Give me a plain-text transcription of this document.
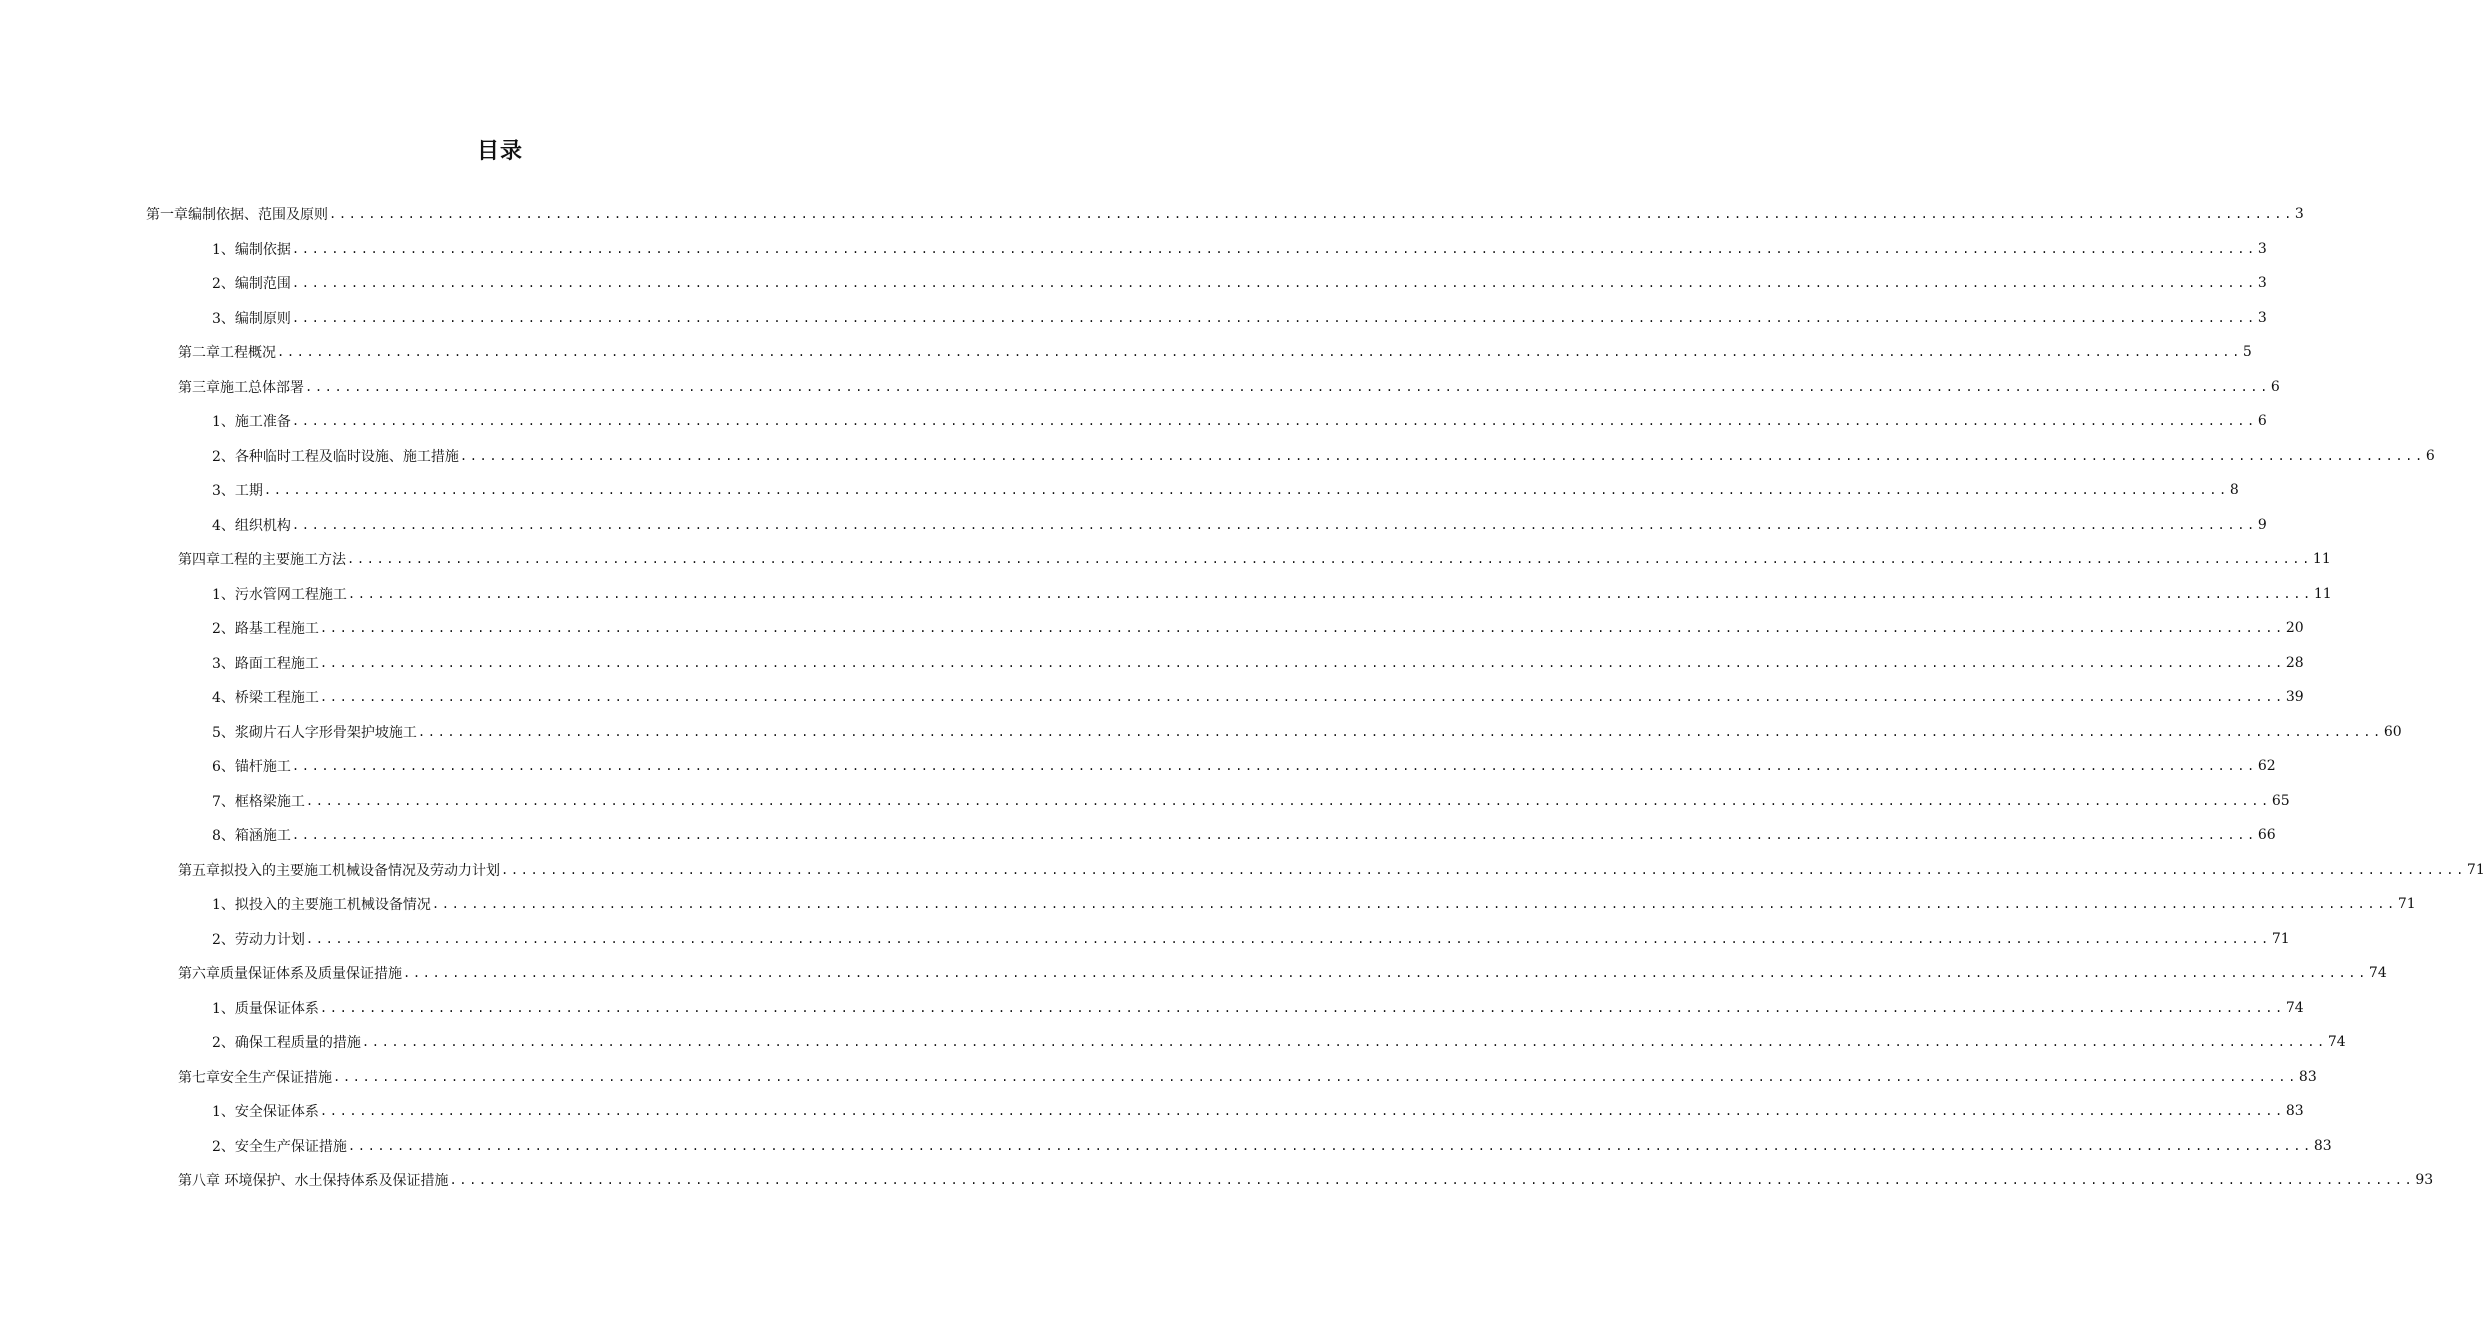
目录
第一章编制依据、范围及原则 ........................................................................................................................................................................................................ 3
1、编制依据 ........................................................................................................................................................................................................ 3
2、编制范围 ........................................................................................................................................................................................................ 3
3、编制原则 ........................................................................................................................................................................................................ 3
第二章工程概况 ........................................................................................................................................................................................................ 5
第三章施工总体部署 ........................................................................................................................................................................................................ 6
1、施工准备 ........................................................................................................................................................................................................ 6
2、各种临时工程及临时设施、施工措施 ........................................................................................................................................................................................................ 6
3、工期 ........................................................................................................................................................................................................ 8
4、组织机构 ........................................................................................................................................................................................................ 9
第四章工程的主要施工方法 ........................................................................................................................................................................................................ 11
1、污水管网工程施工 ........................................................................................................................................................................................................ 11
2、路基工程施工 ........................................................................................................................................................................................................ 20
3、路面工程施工 ........................................................................................................................................................................................................ 28
4、桥梁工程施工 ........................................................................................................................................................................................................ 39
5、浆砌片石人字形骨架护坡施工 ........................................................................................................................................................................................................ 60
6、锚杆施工 ........................................................................................................................................................................................................ 62
7、框格梁施工 ........................................................................................................................................................................................................ 65
8、箱涵施工 ........................................................................................................................................................................................................ 66
第五章拟投入的主要施工机械设备情况及劳动力计划 ........................................................................................................................................................................................................ 71
1、拟投入的主要施工机械设备情况 ........................................................................................................................................................................................................ 71
2、劳动力计划 ........................................................................................................................................................................................................ 71
第六章质量保证体系及质量保证措施 ........................................................................................................................................................................................................ 74
1、质量保证体系 ........................................................................................................................................................................................................ 74
2、确保工程质量的措施 ........................................................................................................................................................................................................ 74
第七章安全生产保证措施 ........................................................................................................................................................................................................ 83
1、安全保证体系 ........................................................................................................................................................................................................ 83
2、安全生产保证措施 ........................................................................................................................................................................................................ 83
第八章 环境保护、水土保持体系及保证措施 ........................................................................................................................................................................................................ 93
